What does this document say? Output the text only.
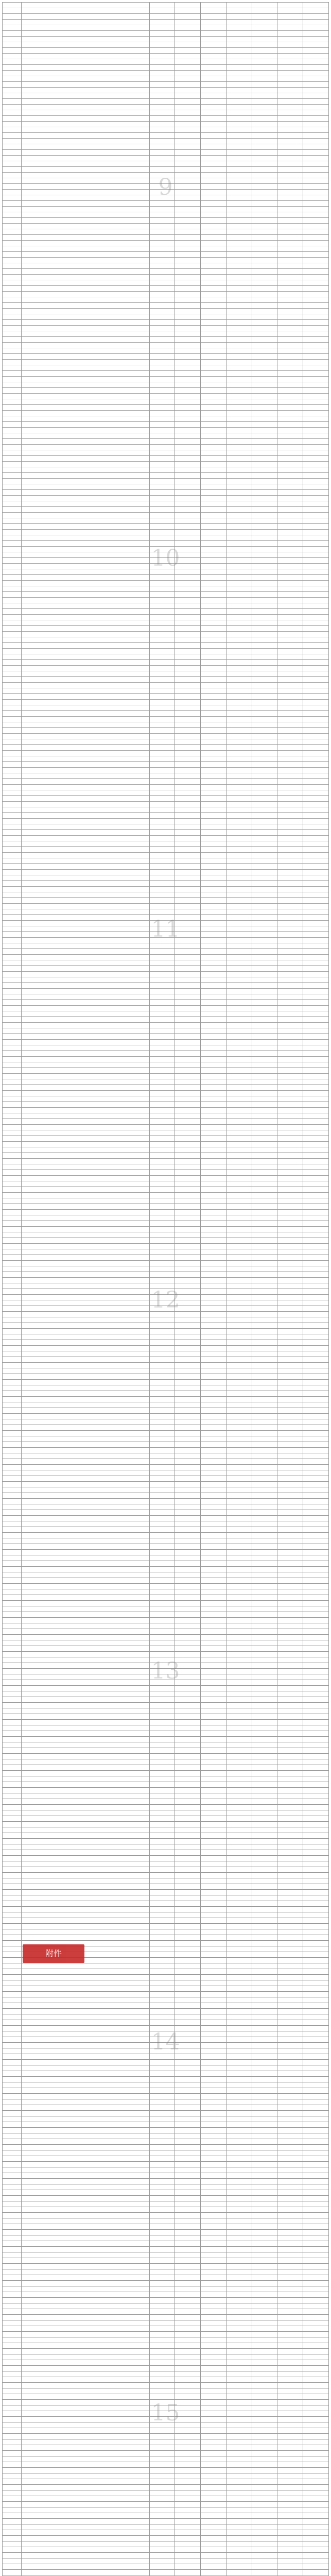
9
10
11
12
13
14
15
附件
